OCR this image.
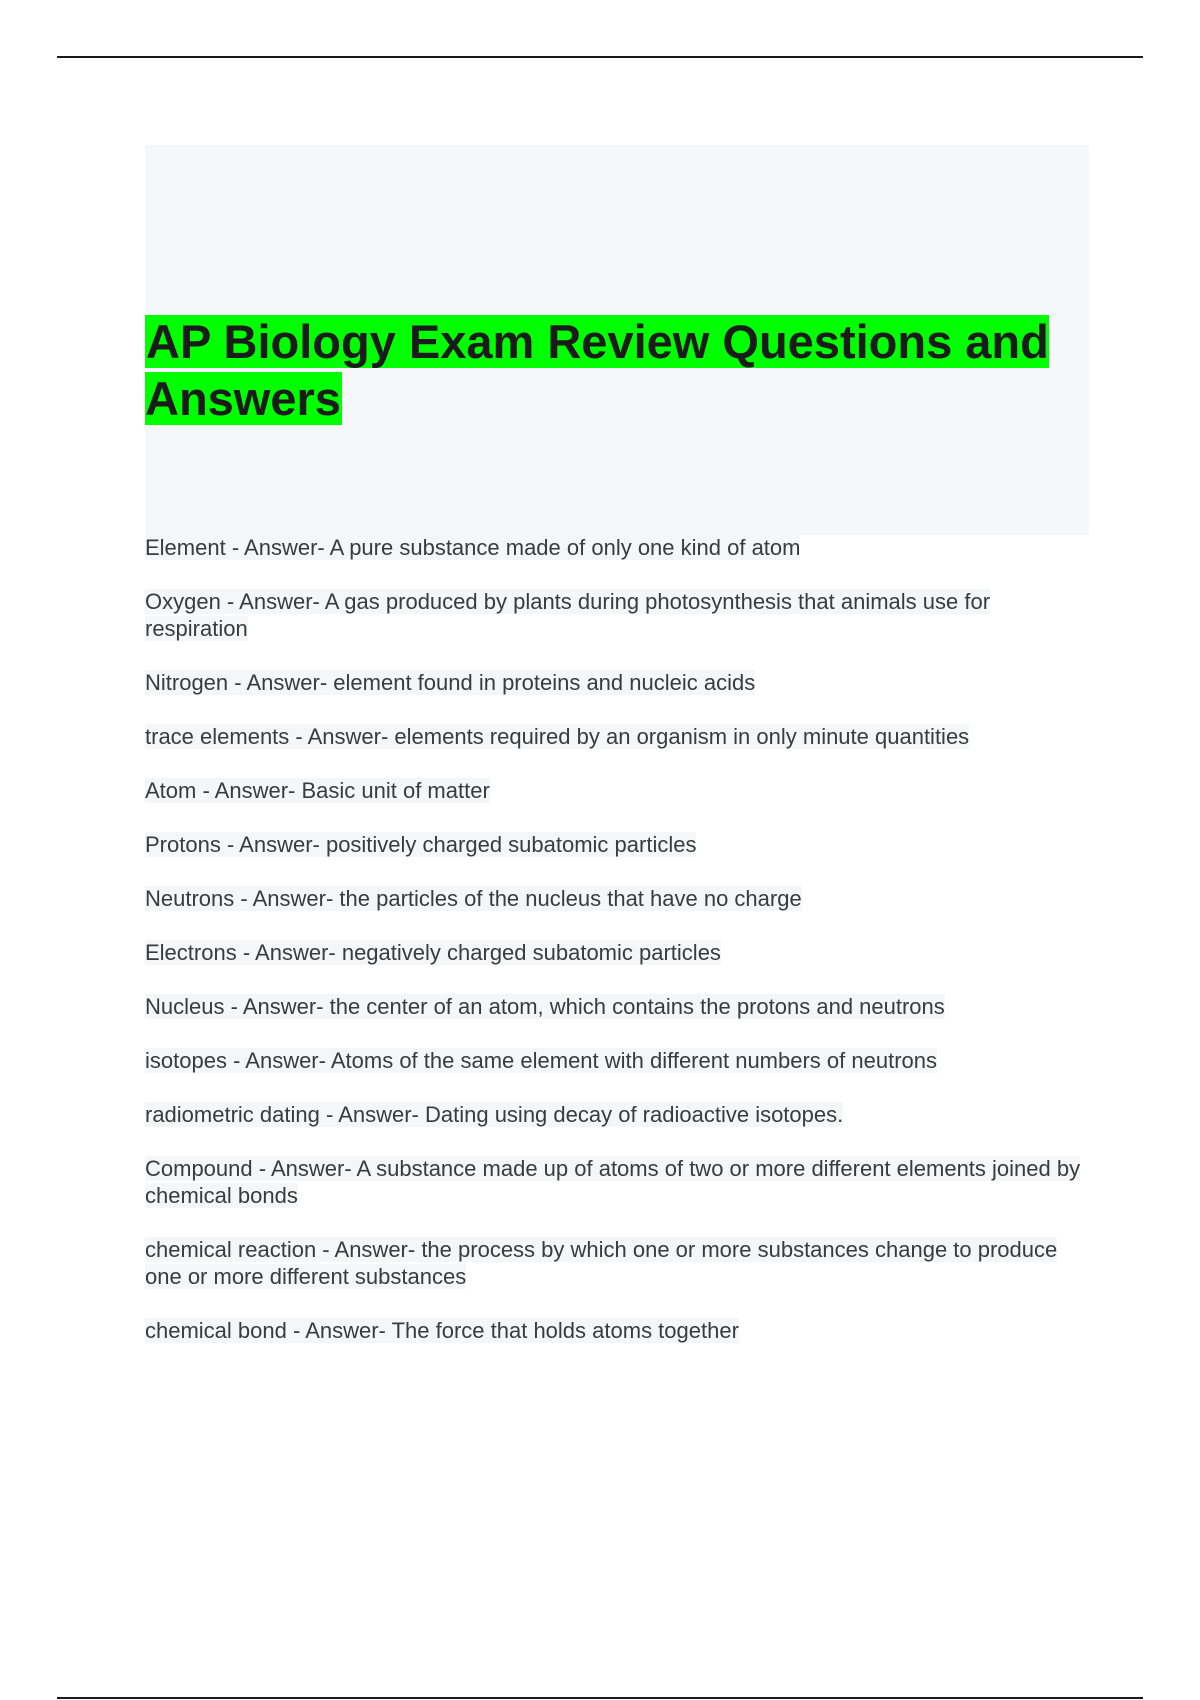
AP Biology Exam Review Questions and Answers
Element - Answer- A pure substance made of only one kind of atom
Oxygen - Answer- A gas produced by plants during photosynthesis that animals use for respiration
Nitrogen - Answer- element found in proteins and nucleic acids
trace elements - Answer- elements required by an organism in only minute quantities
Atom - Answer- Basic unit of matter
Protons - Answer- positively charged subatomic particles
Neutrons - Answer- the particles of the nucleus that have no charge
Electrons - Answer- negatively charged subatomic particles
Nucleus - Answer- the center of an atom, which contains the protons and neutrons
isotopes - Answer- Atoms of the same element with different numbers of neutrons
radiometric dating - Answer- Dating using decay of radioactive isotopes.
Compound - Answer- A substance made up of atoms of two or more different elements joined by chemical bonds
chemical reaction - Answer- the process by which one or more substances change to produce one or more different substances
chemical bond - Answer- The force that holds atoms together
